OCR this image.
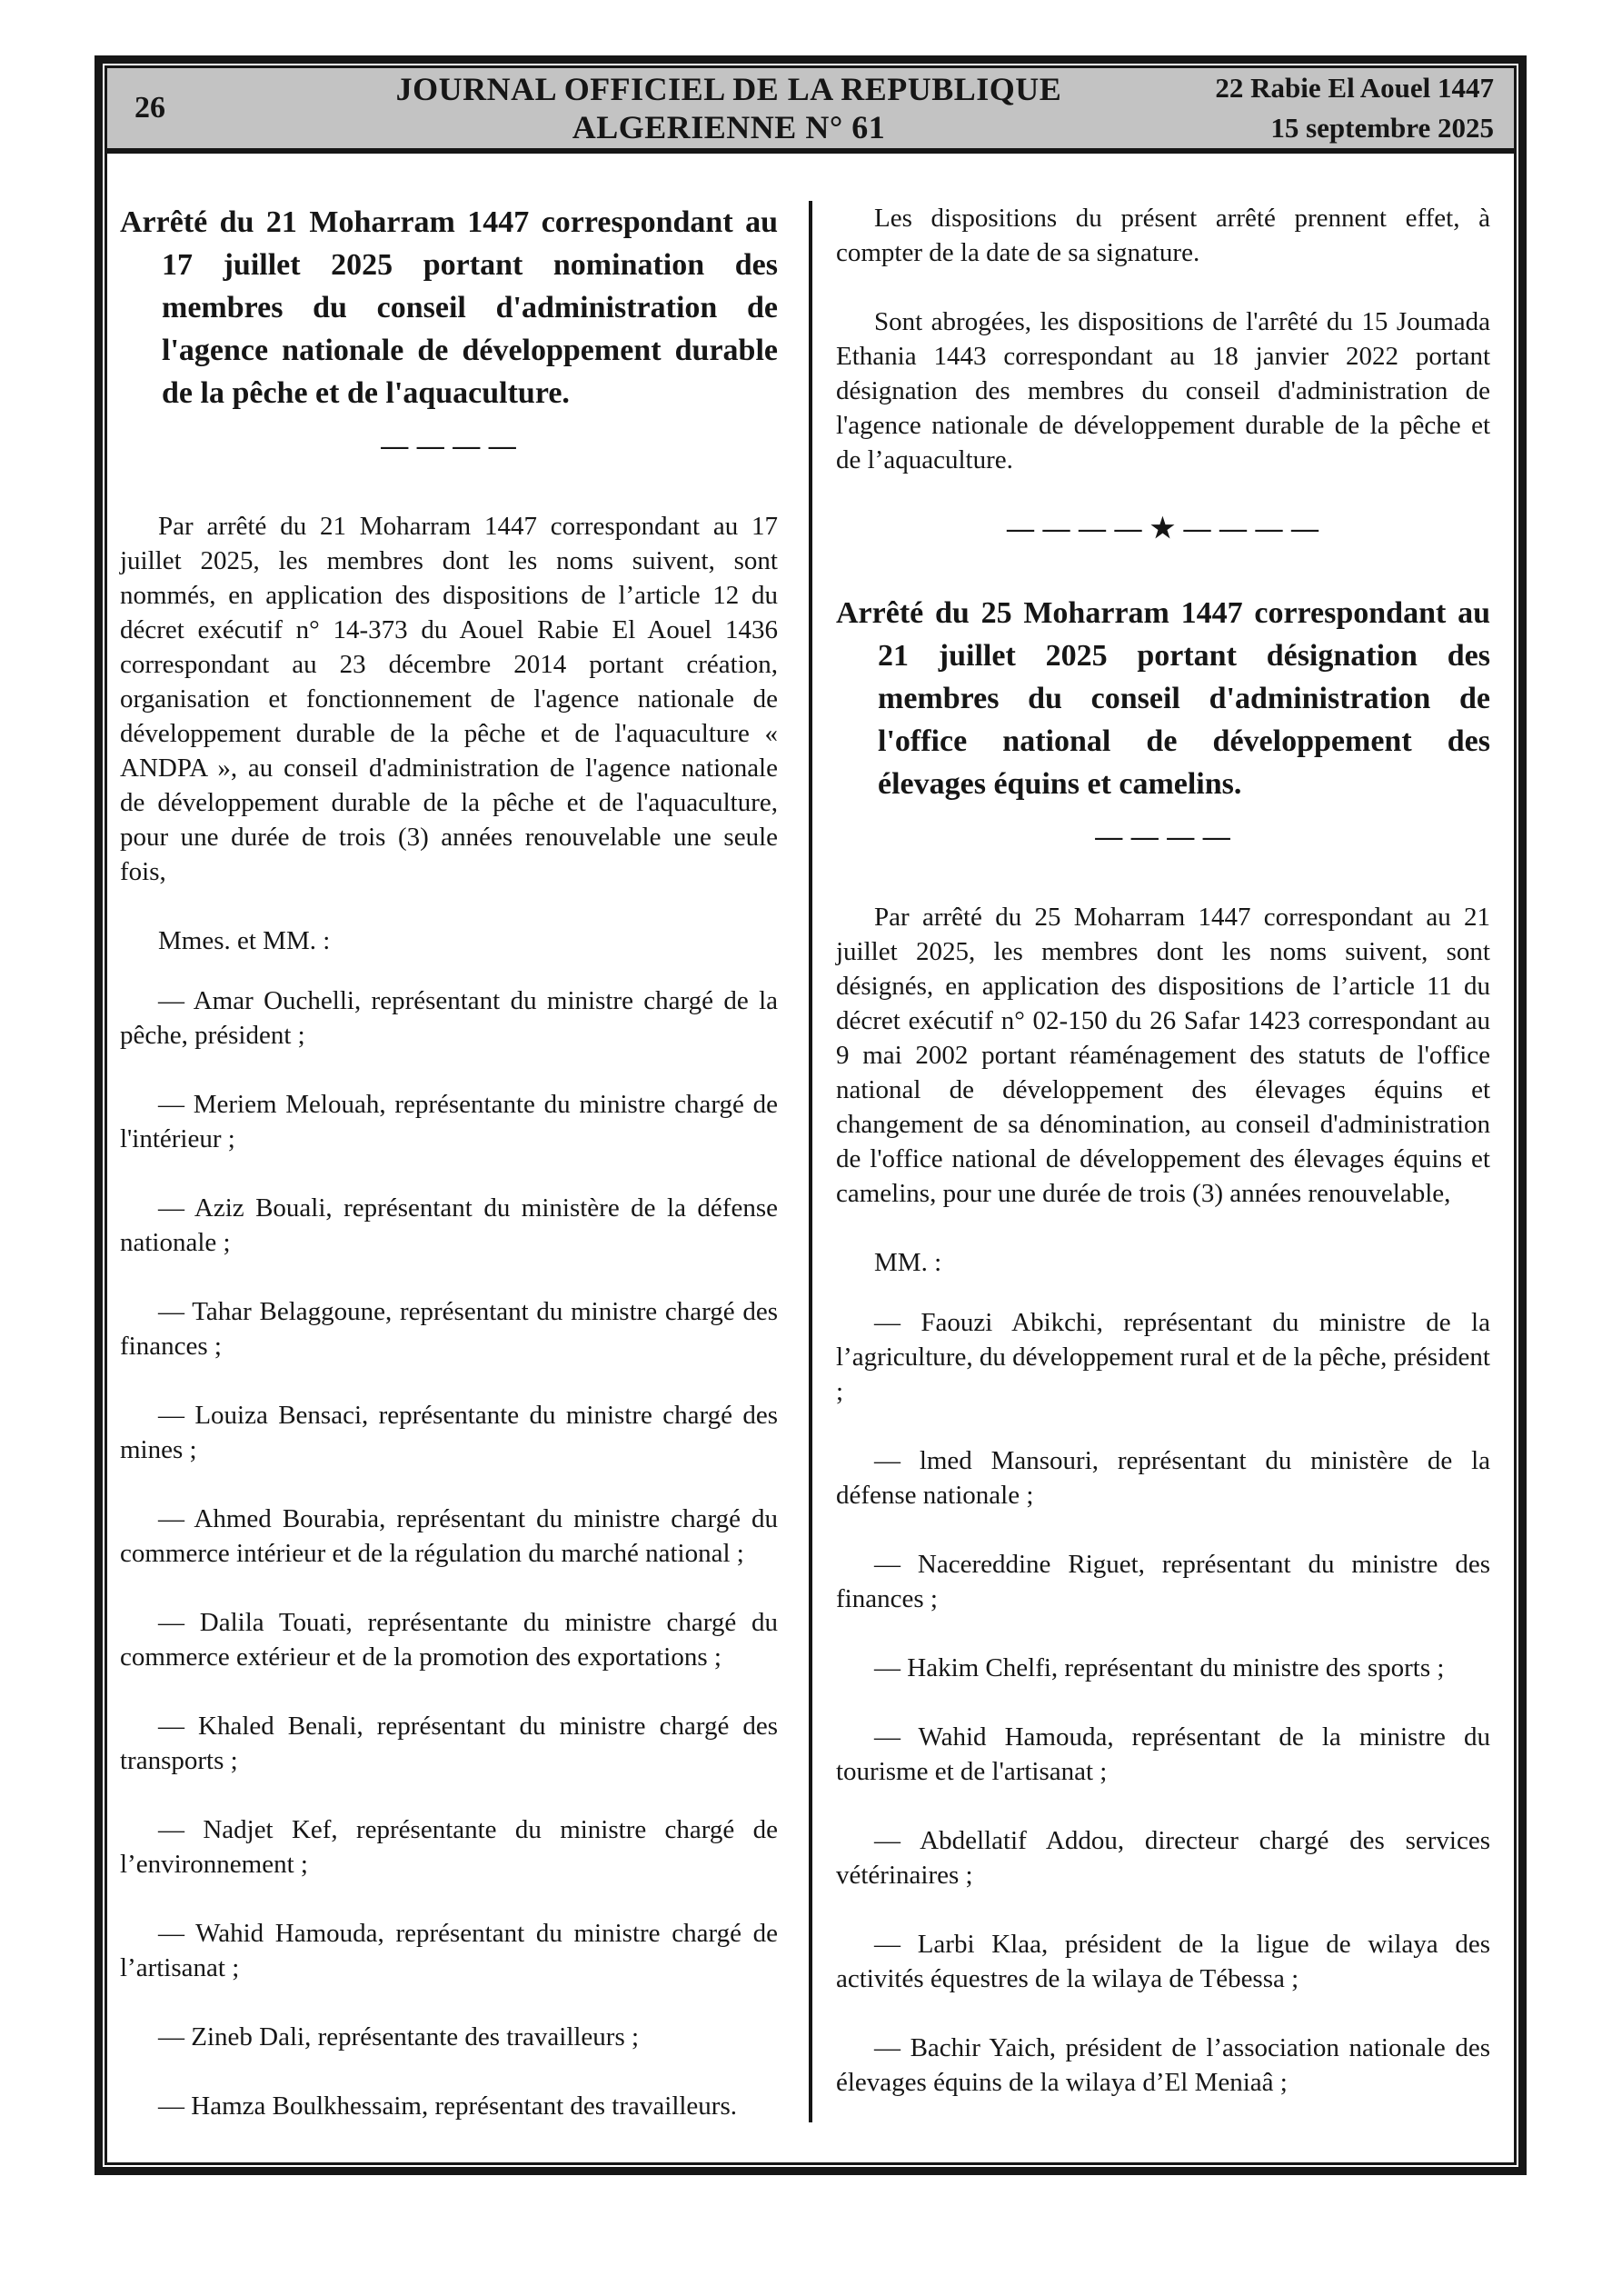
26
JOURNAL OFFICIEL DE LA REPUBLIQUE ALGERIENNE N° 61
22 Rabie El Aouel 1447
15 septembre 2025
Arrêté du 21 Moharram 1447 correspondant au 17 juillet 2025 portant nomination des membres du conseil d'administration de l'agence nationale de développement durable de la pêche et de l'aquaculture.
— — — —

Par arrêté du 21 Moharram 1447 correspondant au 17 juillet 2025, les membres dont les noms suivent, sont nommés, en application des dispositions de l’article 12 du décret exécutif n° 14-373 du Aouel Rabie El Aouel 1436 correspondant au 23 décembre 2014 portant création, organisation et fonctionnement de l'agence nationale de développement durable de la pêche et de l'aquaculture « ANDPA », au conseil d'administration de l'agence nationale de développement durable de la pêche et de l'aquaculture, pour une durée de trois (3) années renouvelable une seule fois,

Mmes. et MM. :

— Amar Ouchelli, représentant du ministre chargé de la pêche, président ;

— Meriem Melouah, représentante du ministre chargé de l'intérieur ;

— Aziz Bouali, représentant du ministère de la défense nationale ;

— Tahar Belaggoune, représentant du ministre chargé des finances ;

— Louiza Bensaci, représentante du ministre chargé des mines ;

— Ahmed Bourabia, représentant du ministre chargé du commerce intérieur et de la régulation du marché national ;

— Dalila Touati, représentante du ministre chargé du commerce extérieur et de la promotion des exportations ;

— Khaled Benali, représentant du ministre chargé des transports ;

— Nadjet Kef, représentante du ministre chargé de l’environnement ;

— Wahid Hamouda, représentant du ministre chargé de l’artisanat ;

— Zineb Dali, représentante des travailleurs ;

— Hamza Boulkhessaim, représentant des travailleurs.

Les dispositions du présent arrêté prennent effet, à compter de la date de sa signature.

Sont abrogées, les dispositions de l'arrêté du 15 Joumada Ethania 1443 correspondant au 18 janvier 2022 portant désignation des membres du conseil d'administration de l'agence nationale de développement durable de la pêche et de l’aquaculture.

— — — — ★ — — — —
Arrêté du 25 Moharram 1447 correspondant au 21 juillet 2025 portant désignation des membres du conseil d'administration de l'office national de développement des élevages équins et camelins.
— — — —

Par arrêté du 25 Moharram 1447 correspondant au 21 juillet 2025, les membres dont les noms suivent, sont désignés, en application des dispositions de l’article 11 du décret exécutif n° 02-150 du 26 Safar 1423 correspondant au 9 mai 2002 portant réaménagement des statuts de l'office national de développement des élevages équins et changement de sa dénomination, au conseil d'administration de l'office national de développement des élevages équins et camelins, pour une durée de trois (3) années renouvelable,

MM. :

— Faouzi Abikchi, représentant du ministre de la l’agriculture, du développement rural et de la pêche, président ;

— lmed Mansouri, représentant du ministère de la défense nationale ;

— Nacereddine Riguet, représentant du ministre des finances ;

— Hakim Chelfi, représentant du ministre des sports ;

— Wahid Hamouda, représentant de la ministre du tourisme et de l'artisanat ;

— Abdellatif Addou, directeur chargé des services vétérinaires ;

— Larbi Klaa, président de la ligue de wilaya des activités équestres de la wilaya de Tébessa ;

— Bachir Yaich, président de l’association nationale des élevages équins de la wilaya d’El Meniaâ ;
